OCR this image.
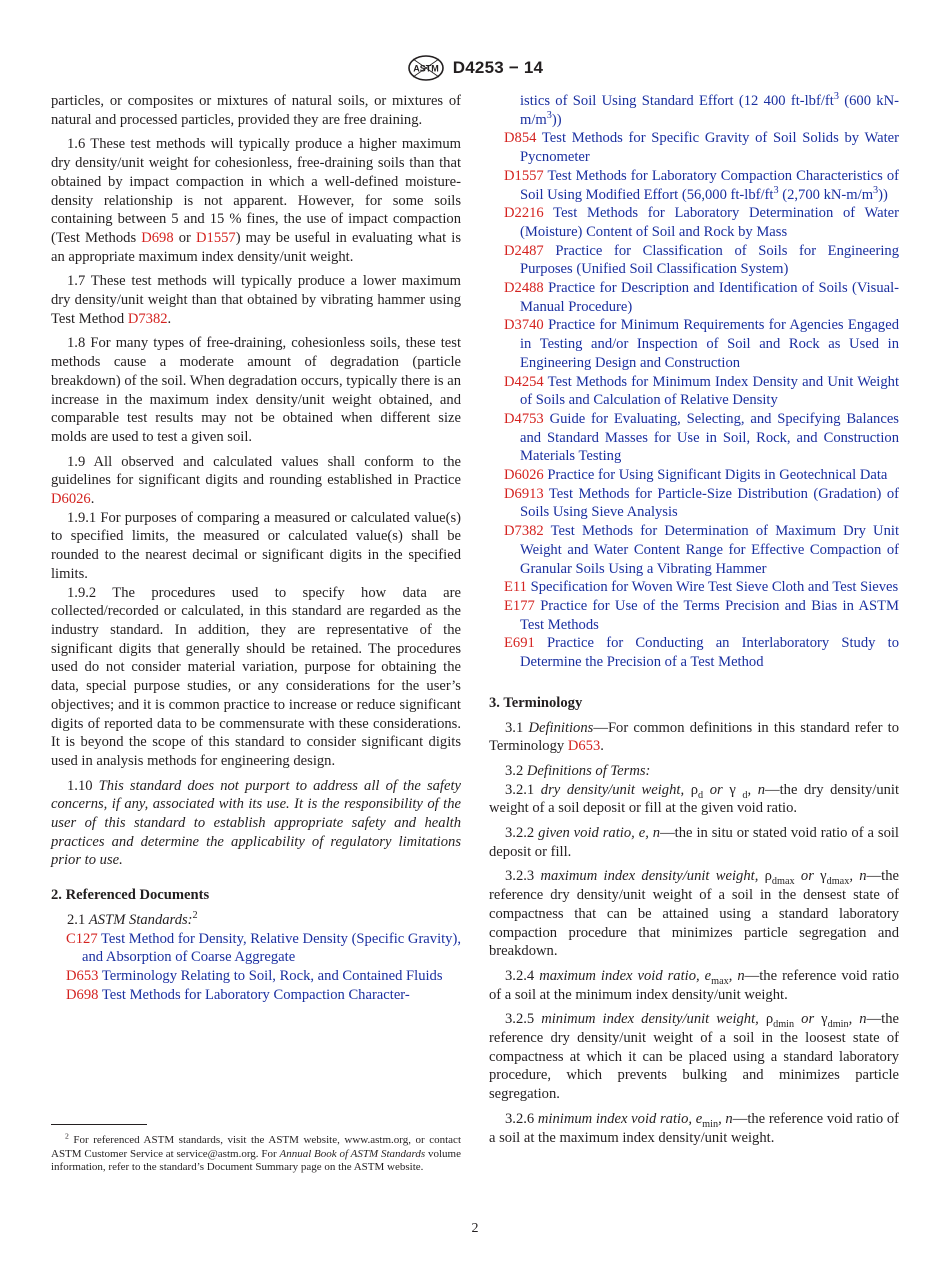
ASTM D4253 − 14

particles, or composites or mixtures of natural soils, or mixtures of natural and processed particles, provided they are free draining.

1.6 These test methods will typically produce a higher maximum dry density/unit weight for cohesionless, free-draining soils than that obtained by impact compaction in which a well-defined moisture-density relationship is not apparent. However, for some soils containing between 5 and 15 % fines, the use of impact compaction (Test Methods D698 or D1557) may be useful in evaluating what is an appropriate maximum index density/unit weight.

1.7 These test methods will typically produce a lower maximum dry density/unit weight than that obtained by vibrating hammer using Test Method D7382.

1.8 For many types of free-draining, cohesionless soils, these test methods cause a moderate amount of degradation (particle breakdown) of the soil. When degradation occurs, typically there is an increase in the maximum index density/unit weight obtained, and comparable test results may not be obtained when different size molds are used to test a given soil.

1.9 All observed and calculated values shall conform to the guidelines for significant digits and rounding established in Practice D6026.

1.9.1 For purposes of comparing a measured or calculated value(s) to specified limits, the measured or calculated value(s) shall be rounded to the nearest decimal or significant digits in the specified limits.

1.9.2 The procedures used to specify how data are collected/recorded or calculated, in this standard are regarded as the industry standard. In addition, they are representative of the significant digits that generally should be retained. The procedures used do not consider material variation, purpose for obtaining the data, special purpose studies, or any considerations for the user’s objectives; and it is common practice to increase or reduce significant digits of reported data to be commensurate with these considerations. It is beyond the scope of this standard to consider significant digits used in analysis methods for engineering design.

1.10 This standard does not purport to address all of the safety concerns, if any, associated with its use. It is the responsibility of the user of this standard to establish appropriate safety and health practices and determine the applicability of regulatory limitations prior to use.

2. Referenced Documents

2.1 ASTM Standards:$^2$

C127 Test Method for Density, Relative Density (Specific Gravity), and Absorption of Coarse Aggregate
D653 Terminology Relating to Soil, Rock, and Contained Fluids
D698 Test Methods for Laboratory Compaction Character-
istics of Soil Using Standard Effort (12 400 $ft-lbf/ft^3$ (600 $kN-m/m^3$))
D854 Test Methods for Specific Gravity of Soil Solids by Water Pycnometer
D1557 Test Methods for Laboratory Compaction Characteristics of Soil Using Modified Effort (56,000 $ft-lbf/ft^3$ (2,700 $kN-m/m^3$))
D2216 Test Methods for Laboratory Determination of Water (Moisture) Content of Soil and Rock by Mass
D2487 Practice for Classification of Soils for Engineering Purposes (Unified Soil Classification System)
D2488 Practice for Description and Identification of Soils (Visual-Manual Procedure)
D3740 Practice for Minimum Requirements for Agencies Engaged in Testing and/or Inspection of Soil and Rock as Used in Engineering Design and Construction
D4254 Test Methods for Minimum Index Density and Unit Weight of Soils and Calculation of Relative Density
D4753 Guide for Evaluating, Selecting, and Specifying Balances and Standard Masses for Use in Soil, Rock, and Construction Materials Testing
D6026 Practice for Using Significant Digits in Geotechnical Data
D6913 Test Methods for Particle-Size Distribution (Gradation) of Soils Using Sieve Analysis
D7382 Test Methods for Determination of Maximum Dry Unit Weight and Water Content Range for Effective Compaction of Granular Soils Using a Vibrating Hammer
E11 Specification for Woven Wire Test Sieve Cloth and Test Sieves
E177 Practice for Use of the Terms Precision and Bias in ASTM Test Methods
E691 Practice for Conducting an Interlaboratory Study to Determine the Precision of a Test Method
3. Terminology

3.1 Definitions—For common definitions in this standard refer to Terminology D653.

3.2 Definitions of Terms:

3.2.1 dry density/unit weight, $\rho_d$ or γ $_d$, n—the dry density/unit weight of a soil deposit or fill at the given void ratio.

3.2.2 given void ratio, e, n—the in situ or stated void ratio of a soil deposit or fill.

3.2.3 maximum index density/unit weight, $\rho_{dmax}$ or $\gamma_{dmax}$, n—the reference dry density/unit weight of a soil in the densest state of compactness that can be attained using a standard laboratory compaction procedure that minimizes particle segregation and breakdown.

3.2.4 maximum index void ratio, $e_{max}$, n—the reference void ratio of a soil at the minimum index density/unit weight.

3.2.5 minimum index density/unit weight, $\rho_{dmin}$ or $\gamma_{dmin}$, n—the reference dry density/unit weight of a soil in the loosest state of compactness at which it can be placed using a standard laboratory procedure, which prevents bulking and minimizes particle segregation.

3.2.6 minimum index void ratio, $e_{min}$, n—the reference void ratio of a soil at the maximum index density/unit weight.

$^2$ For referenced ASTM standards, visit the ASTM website, www.astm.org, or contact ASTM Customer Service at service@astm.org. For Annual Book of ASTM Standards volume information, refer to the standard’s Document Summary page on the ASTM website.
2
